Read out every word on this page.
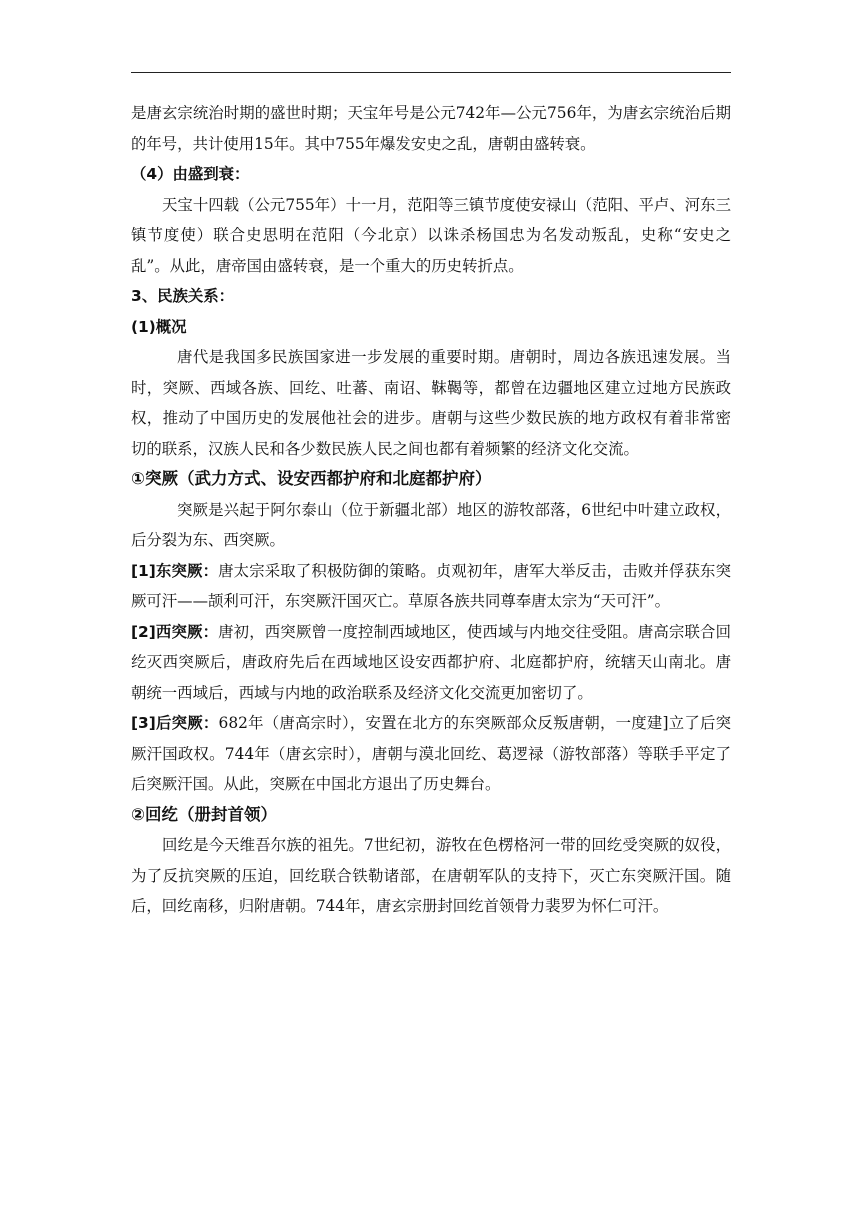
是唐玄宗统治时期的盛世时期；天宝年号是公元742年—公元756年，为唐玄宗统治后期的年号，共计使用15年。其中755年爆发安史之乱，唐朝由盛转衰。

（4）由盛到衰：

天宝十四载（公元755年）十一月，范阳等三镇节度使安禄山（范阳、平卢、河东三镇节度使）联合史思明在范阳（今北京）以诛杀杨国忠为名发动叛乱，史称“安史之乱”。从此，唐帝国由盛转衰，是一个重大的历史转折点。

3、民族关系：

(1)概况

唐代是我国多民族国家进一步发展的重要时期。唐朝时，周边各族迅速发展。当时，突厥、西域各族、回纥、吐蕃、南诏、靺鞨等，都曾在边疆地区建立过地方民族政权，推动了中国历史的发展他社会的进步。唐朝与这些少数民族的地方政权有着非常密切的联系，汉族人民和各少数民族人民之间也都有着频繁的经济文化交流。

①突厥（武力方式、设安西都护府和北庭都护府）

突厥是兴起于阿尔泰山（位于新疆北部）地区的游牧部落，6世纪中叶建立政权，后分裂为东、西突厥。

[1]东突厥：唐太宗采取了积极防御的策略。贞观初年，唐军大举反击，击败并俘获东突厥可汗——颉利可汗，东突厥汗国灭亡。草原各族共同尊奉唐太宗为“天可汗”。

[2]西突厥：唐初，西突厥曾一度控制西域地区，使西域与内地交往受阻。唐高宗联合回纥灭西突厥后，唐政府先后在西域地区设安西都护府、北庭都护府，统辖天山南北。唐朝统一西域后，西域与内地的政治联系及经济文化交流更加密切了。

[3]后突厥：682年（唐高宗时），安置在北方的东突厥部众反叛唐朝，一度建]立了后突厥汗国政权。744年（唐玄宗时），唐朝与漠北回纥、葛逻禄（游牧部落）等联手平定了后突厥汗国。从此，突厥在中国北方退出了历史舞台。

②回纥（册封首领）

回纥是今天维吾尔族的祖先。7世纪初，游牧在色楞格河一带的回纥受突厥的奴役，为了反抗突厥的压迫，回纥联合铁勒诸部，在唐朝军队的支持下，灭亡东突厥汗国。随后，回纥南移，归附唐朝。744年，唐玄宗册封回纥首领骨力裴罗为怀仁可汗。
